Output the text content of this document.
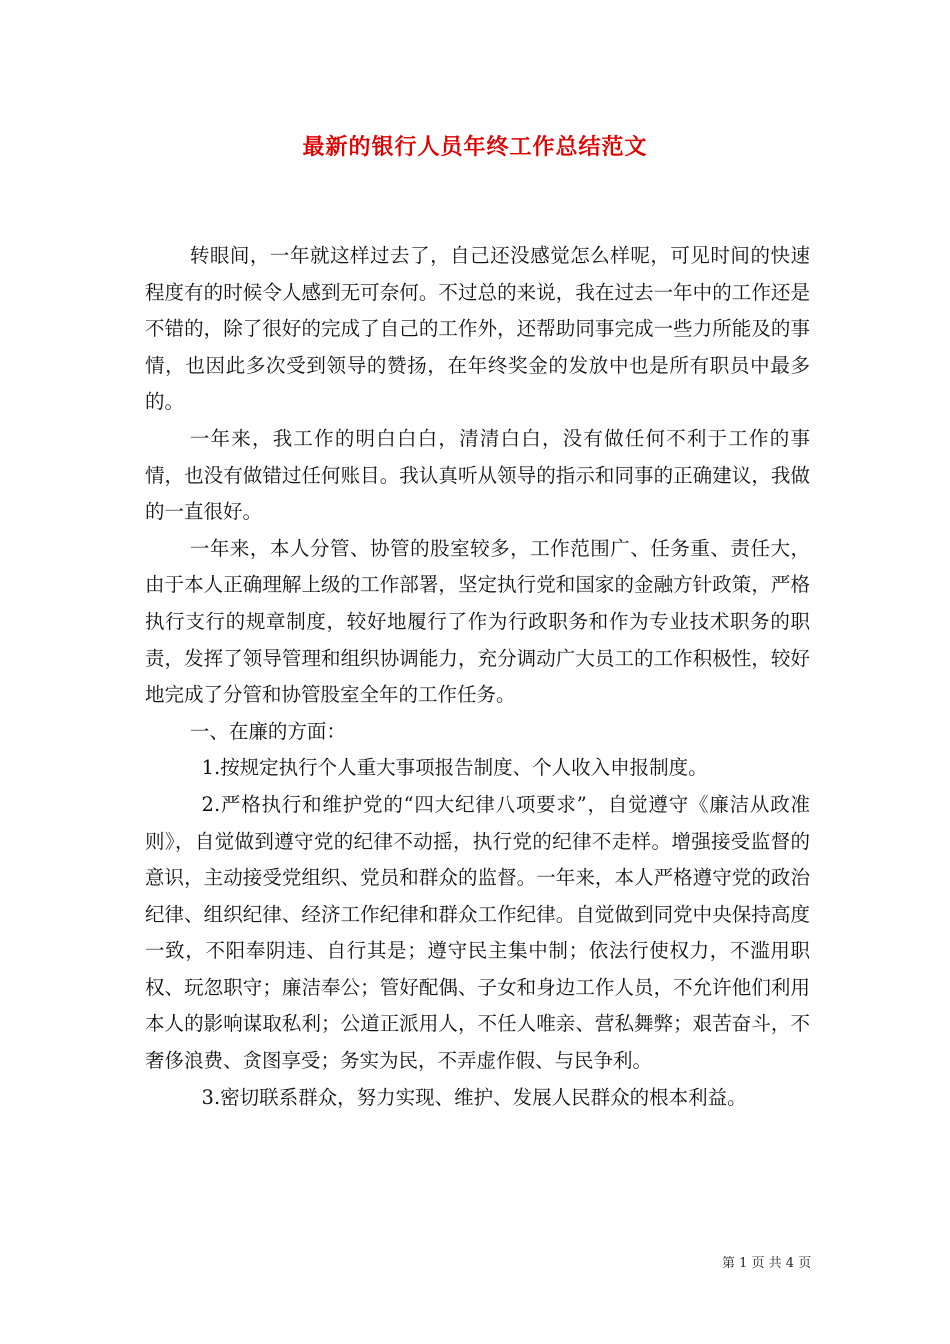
最新的银行人员年终工作总结范文

转眼间，一年就这样过去了，自己还没感觉怎么样呢，可见时间的快速程度有的时候令人感到无可奈何。不过总的来说，我在过去一年中的工作还是不错的，除了很好的完成了自己的工作外，还帮助同事完成一些力所能及的事情，也因此多次受到领导的赞扬，在年终奖金的发放中也是所有职员中最多的。

一年来，我工作的明白白白，清清白白，没有做任何不利于工作的事情，也没有做错过任何账目。我认真听从领导的指示和同事的正确建议，我做的一直很好。

一年来，本人分管、协管的股室较多，工作范围广、任务重、责任大，由于本人正确理解上级的工作部署，坚定执行党和国家的金融方针政策，严格执行支行的规章制度，较好地履行了作为行政职务和作为专业技术职务的职责，发挥了领导管理和组织协调能力，充分调动广大员工的工作积极性，较好地完成了分管和协管股室全年的工作任务。

一、在廉的方面：

1.按规定执行个人重大事项报告制度、个人收入申报制度。

2.严格执行和维护党的“四大纪律八项要求”，自觉遵守《廉洁从政准则》，自觉做到遵守党的纪律不动摇，执行党的纪律不走样。增强接受监督的意识，主动接受党组织、党员和群众的监督。一年来，本人严格遵守党的政治纪律、组织纪律、经济工作纪律和群众工作纪律。自觉做到同党中央保持高度一致，不阳奉阴违、自行其是；遵守民主集中制；依法行使权力，不滥用职权、玩忽职守；廉洁奉公；管好配偶、子女和身边工作人员，不允许他们利用本人的影响谋取私利；公道正派用人，不任人唯亲、营私舞弊；艰苦奋斗，不奢侈浪费、贪图享受；务实为民，不弄虚作假、与民争利。

3.密切联系群众，努力实现、维护、发展人民群众的根本利益。

第 1 页 共 4 页
